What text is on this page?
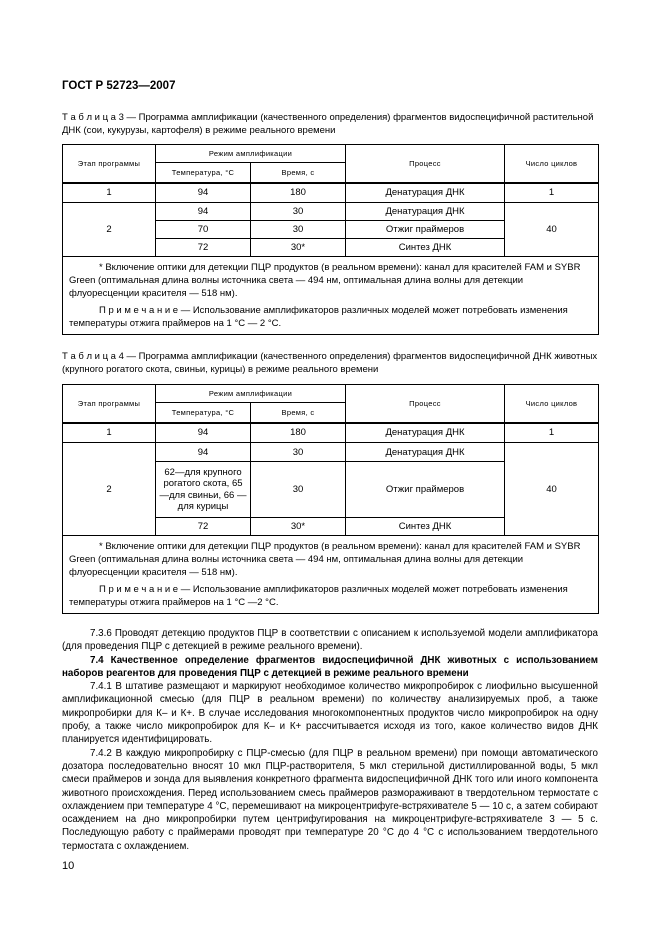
ГОСТ Р 52723—2007
Т а б л и ц а 3 — Программа амплификации (качественного определения) фрагментов видоспецифичной растительной ДНК (сои, кукурузы, картофеля) в режиме реального времени
Этап программы	Режим амплификации		Процесс	Число циклов
	Температура, °С	Время, с		
1	94	180	Денатурация ДНК	1
2	94	30	Денатурация ДНК	40
	70	30	Отжиг праймеров	
	72	30*	Синтез ДНК	

* Включение оптики для детекции ПЦР продуктов (в реальном времени): канал для красителей FAM и SYBR Green (оптимальная длина волны источника света — 494 нм, оптимальная длина волны для детекции флуоресценции красителя — 518 нм).

П р и м е ч а н и е — Использование амплификаторов различных моделей может потребовать изменения температуры отжига праймеров на 1 °С — 2 °С.				

Т а б л и ц а 4 — Программа амплификации (качественного определения) фрагментов видоспецифичной ДНК животных (крупного рогатого скота, свиньи, курицы) в режиме реального времени
Этап программы	Режим амплификации		Процесс	Число циклов
	Температура, °С	Время, с		
1	94	180	Денатурация ДНК	1
2	94	30	Денатурация ДНК	40
	62—для крупного рогатого скота, 65—для свиньи, 66 — для курицы	30	Отжиг праймеров	
	72	30*	Синтез ДНК	

* Включение оптики для детекции ПЦР продуктов (в реальном времени): канал для красителей FAM и SYBR Green (оптимальная длина волны источника света — 494 нм, оптимальная длина волны для детекции флуоресценции красителя — 518 нм).

П р и м е ч а н и е — Использование амплификаторов различных моделей может потребовать изменения температуры отжига праймеров на 1 °С —2 °С.				

7.3.6 Проводят детекцию продуктов ПЦР в соответствии с описанием к используемой модели амплификатора (для проведения ПЦР с детекцией в режиме реального времени).

7.4 Качественное определение фрагментов видоспецифичной ДНК животных с использованием наборов реагентов для проведения ПЦР с детекцией в режиме реального времени

7.4.1 В штативе размещают и маркируют необходимое количество микропробирок с лиофильно высушенной амплификационной смесью (для ПЦР в реальном времени) по количеству анализируемых проб, а также микропробирки для К– и К+. В случае исследования многокомпонентных продуктов число микропробирок на одну пробу, а также число микропробирок для К– и К+ рассчитывается исходя из того, какое количество видов ДНК планируется идентифицировать.

7.4.2 В каждую микропробирку с ПЦР-смесью (для ПЦР в реальном времени) при помощи автоматического дозатора последовательно вносят 10 мкл ПЦР-растворителя, 5 мкл стерильной дистиллированной воды, 5 мкл смеси праймеров и зонда для выявления конкретного фрагмента видоспецифичной ДНК того или иного компонента животного происхождения. Перед использованием смесь праймеров размораживают в твердотельном термостате с охлаждением при температуре 4 °С, перемешивают на микроцентрифуге-встряхивателе 5 — 10 с, а затем собирают осаждением на дно микропробирки путем центрифугирования на микроцентрифуге-встряхивателе 3 — 5 с. Последующую работу с праймерами проводят при температуре 20 °С до 4 °С с использованием твердотельного термостата с охлаждением.

10
